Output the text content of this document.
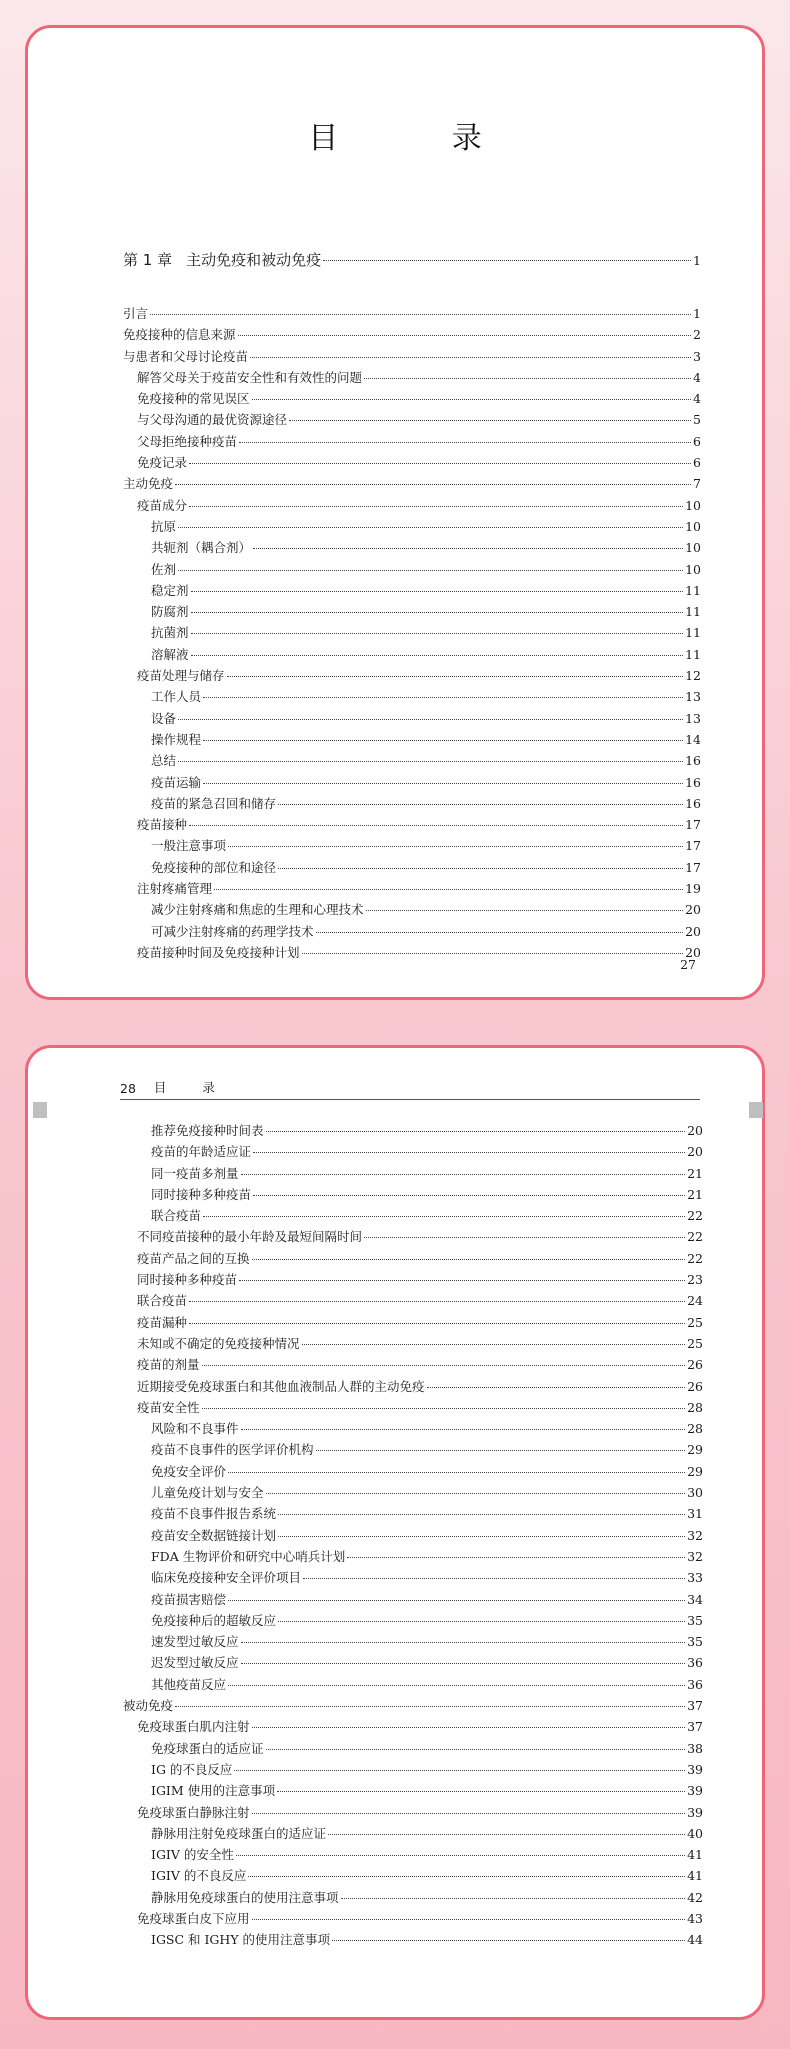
目 录
第 1 章 主动免疫和被动免疫	1
引言	1
免疫接种的信息来源	2
与患者和父母讨论疫苗	3
解答父母关于疫苗安全性和有效性的问题	4
免疫接种的常见误区	4
与父母沟通的最优资源途径	5
父母拒绝接种疫苗	6
免疫记录	6
主动免疫	7
疫苗成分	10
抗原	10
共轭剂（耦合剂）	10
佐剂	10
稳定剂	11
防腐剂	11
抗菌剂	11
溶解液	11
疫苗处理与储存	12
工作人员	13
设备	13
操作规程	14
总结	16
疫苗运输	16
疫苗的紧急召回和储存	16
疫苗接种	17
一般注意事项	17
免疫接种的部位和途径	17
注射疼痛管理	19
减少注射疼痛和焦虑的生理和心理技术	20
可减少注射疼痛的药理学技术	20
疫苗接种时间及免疫接种计划	20
27
28 目 录
推荐免疫接种时间表	20
疫苗的年龄适应证	20
同一疫苗多剂量	21
同时接种多种疫苗	21
联合疫苗	22
不同疫苗接种的最小年龄及最短间隔时间	22
疫苗产品之间的互换	22
同时接种多种疫苗	23
联合疫苗	24
疫苗漏种	25
未知或不确定的免疫接种情况	25
疫苗的剂量	26
近期接受免疫球蛋白和其他血液制品人群的主动免疫	26
疫苗安全性	28
风险和不良事件	28
疫苗不良事件的医学评价机构	29
免疫安全评价	29
儿童免疫计划与安全	30
疫苗不良事件报告系统	31
疫苗安全数据链接计划	32
FDA 生物评价和研究中心哨兵计划	32
临床免疫接种安全评价项目	33
疫苗损害赔偿	34
免疫接种后的超敏反应	35
速发型过敏反应	35
迟发型过敏反应	36
其他疫苗反应	36
被动免疫	37
免疫球蛋白肌内注射	37
免疫球蛋白的适应证	38
IG 的不良反应	39
IGIM 使用的注意事项	39
免疫球蛋白静脉注射	39
静脉用注射免疫球蛋白的适应证	40
IGIV 的安全性	41
IGIV 的不良反应	41
静脉用免疫球蛋白的使用注意事项	42
免疫球蛋白皮下应用	43
IGSC 和 IGHY 的使用注意事项	44
